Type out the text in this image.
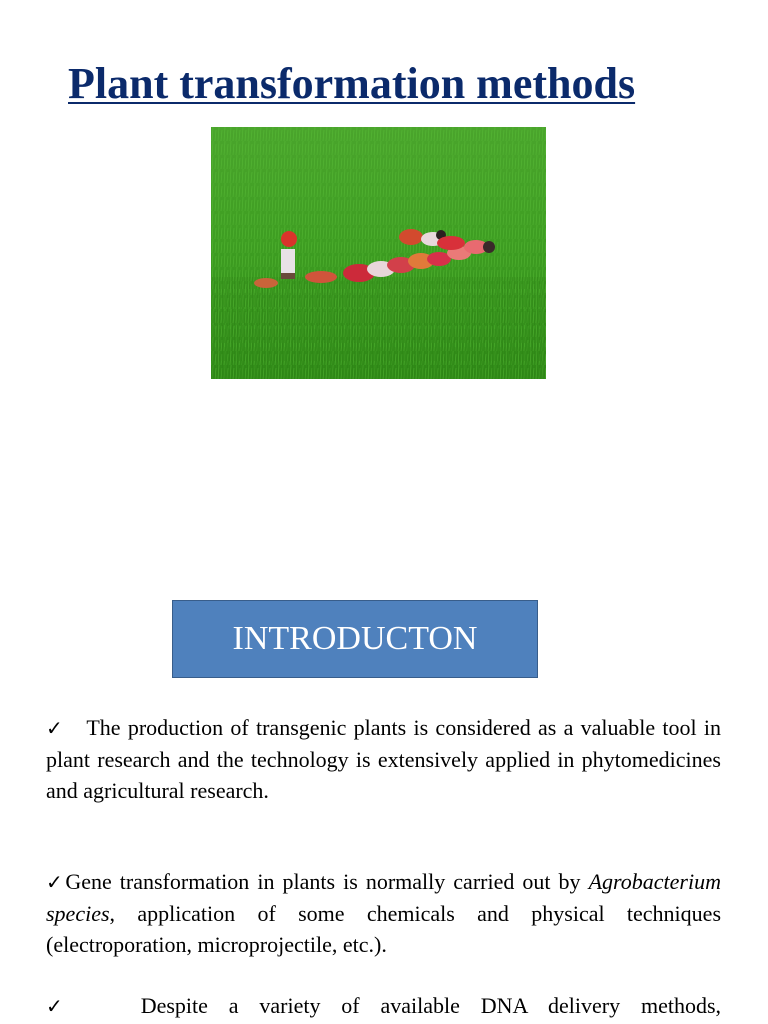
Plant transformation methods
INTRODUCTON

✓ The production of transgenic plants is considered as a valuable tool in plant research and the technology is extensively applied in phytomedicines and agricultural research.

✓Gene transformation in plants is normally carried out by Agrobacterium species, application of some chemicals and physical techniques (electroporation, microprojectile, etc.).

✓	Despite a variety of available DNA delivery methods,
